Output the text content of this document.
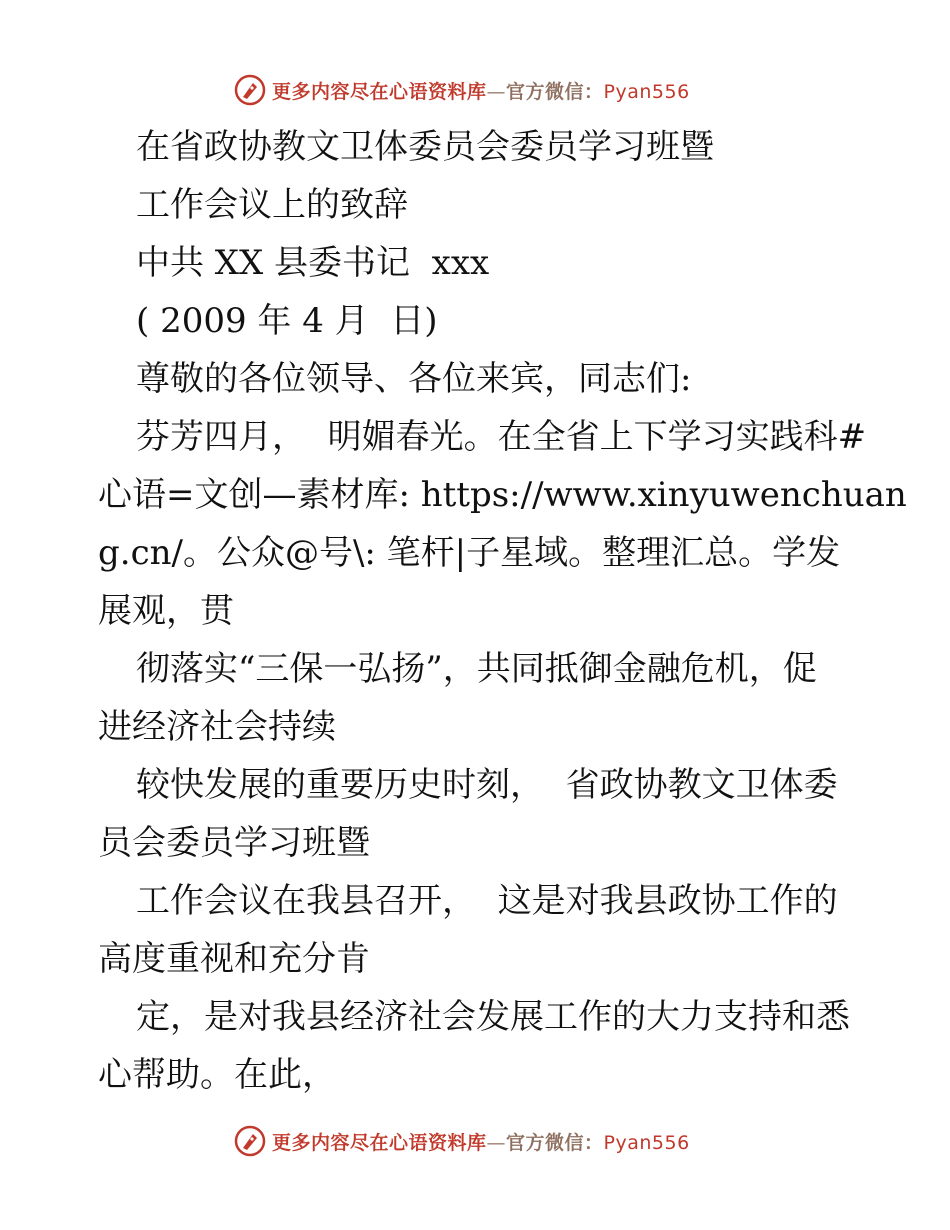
更多内容尽在心语资料库—官方微信：Pyan556
在省政协教文卫体委员会委员学习班暨
工作会议上的致辞
中共 XX 县委书记  xxx
( 2009 年 4 月  日)
尊敬的各位领导、各位来宾，同志们:
芬芳四月，  明媚春光。在全省上下学习实践科#
心语=文创—素材库: https://www.xinyuwenchuan
g.cn/。公众@号\: 笔杆|子星域。整理汇总。学发
展观，贯
彻落实“三保一弘扬”，共同抵御金融危机，促
进经济社会持续
较快发展的重要历史时刻，  省政协教文卫体委
员会委员学习班暨
工作会议在我县召开，  这是对我县政协工作的
高度重视和充分肯
定，是对我县经济社会发展工作的大力支持和悉
心帮助。在此，
更多内容尽在心语资料库—官方微信：Pyan556
